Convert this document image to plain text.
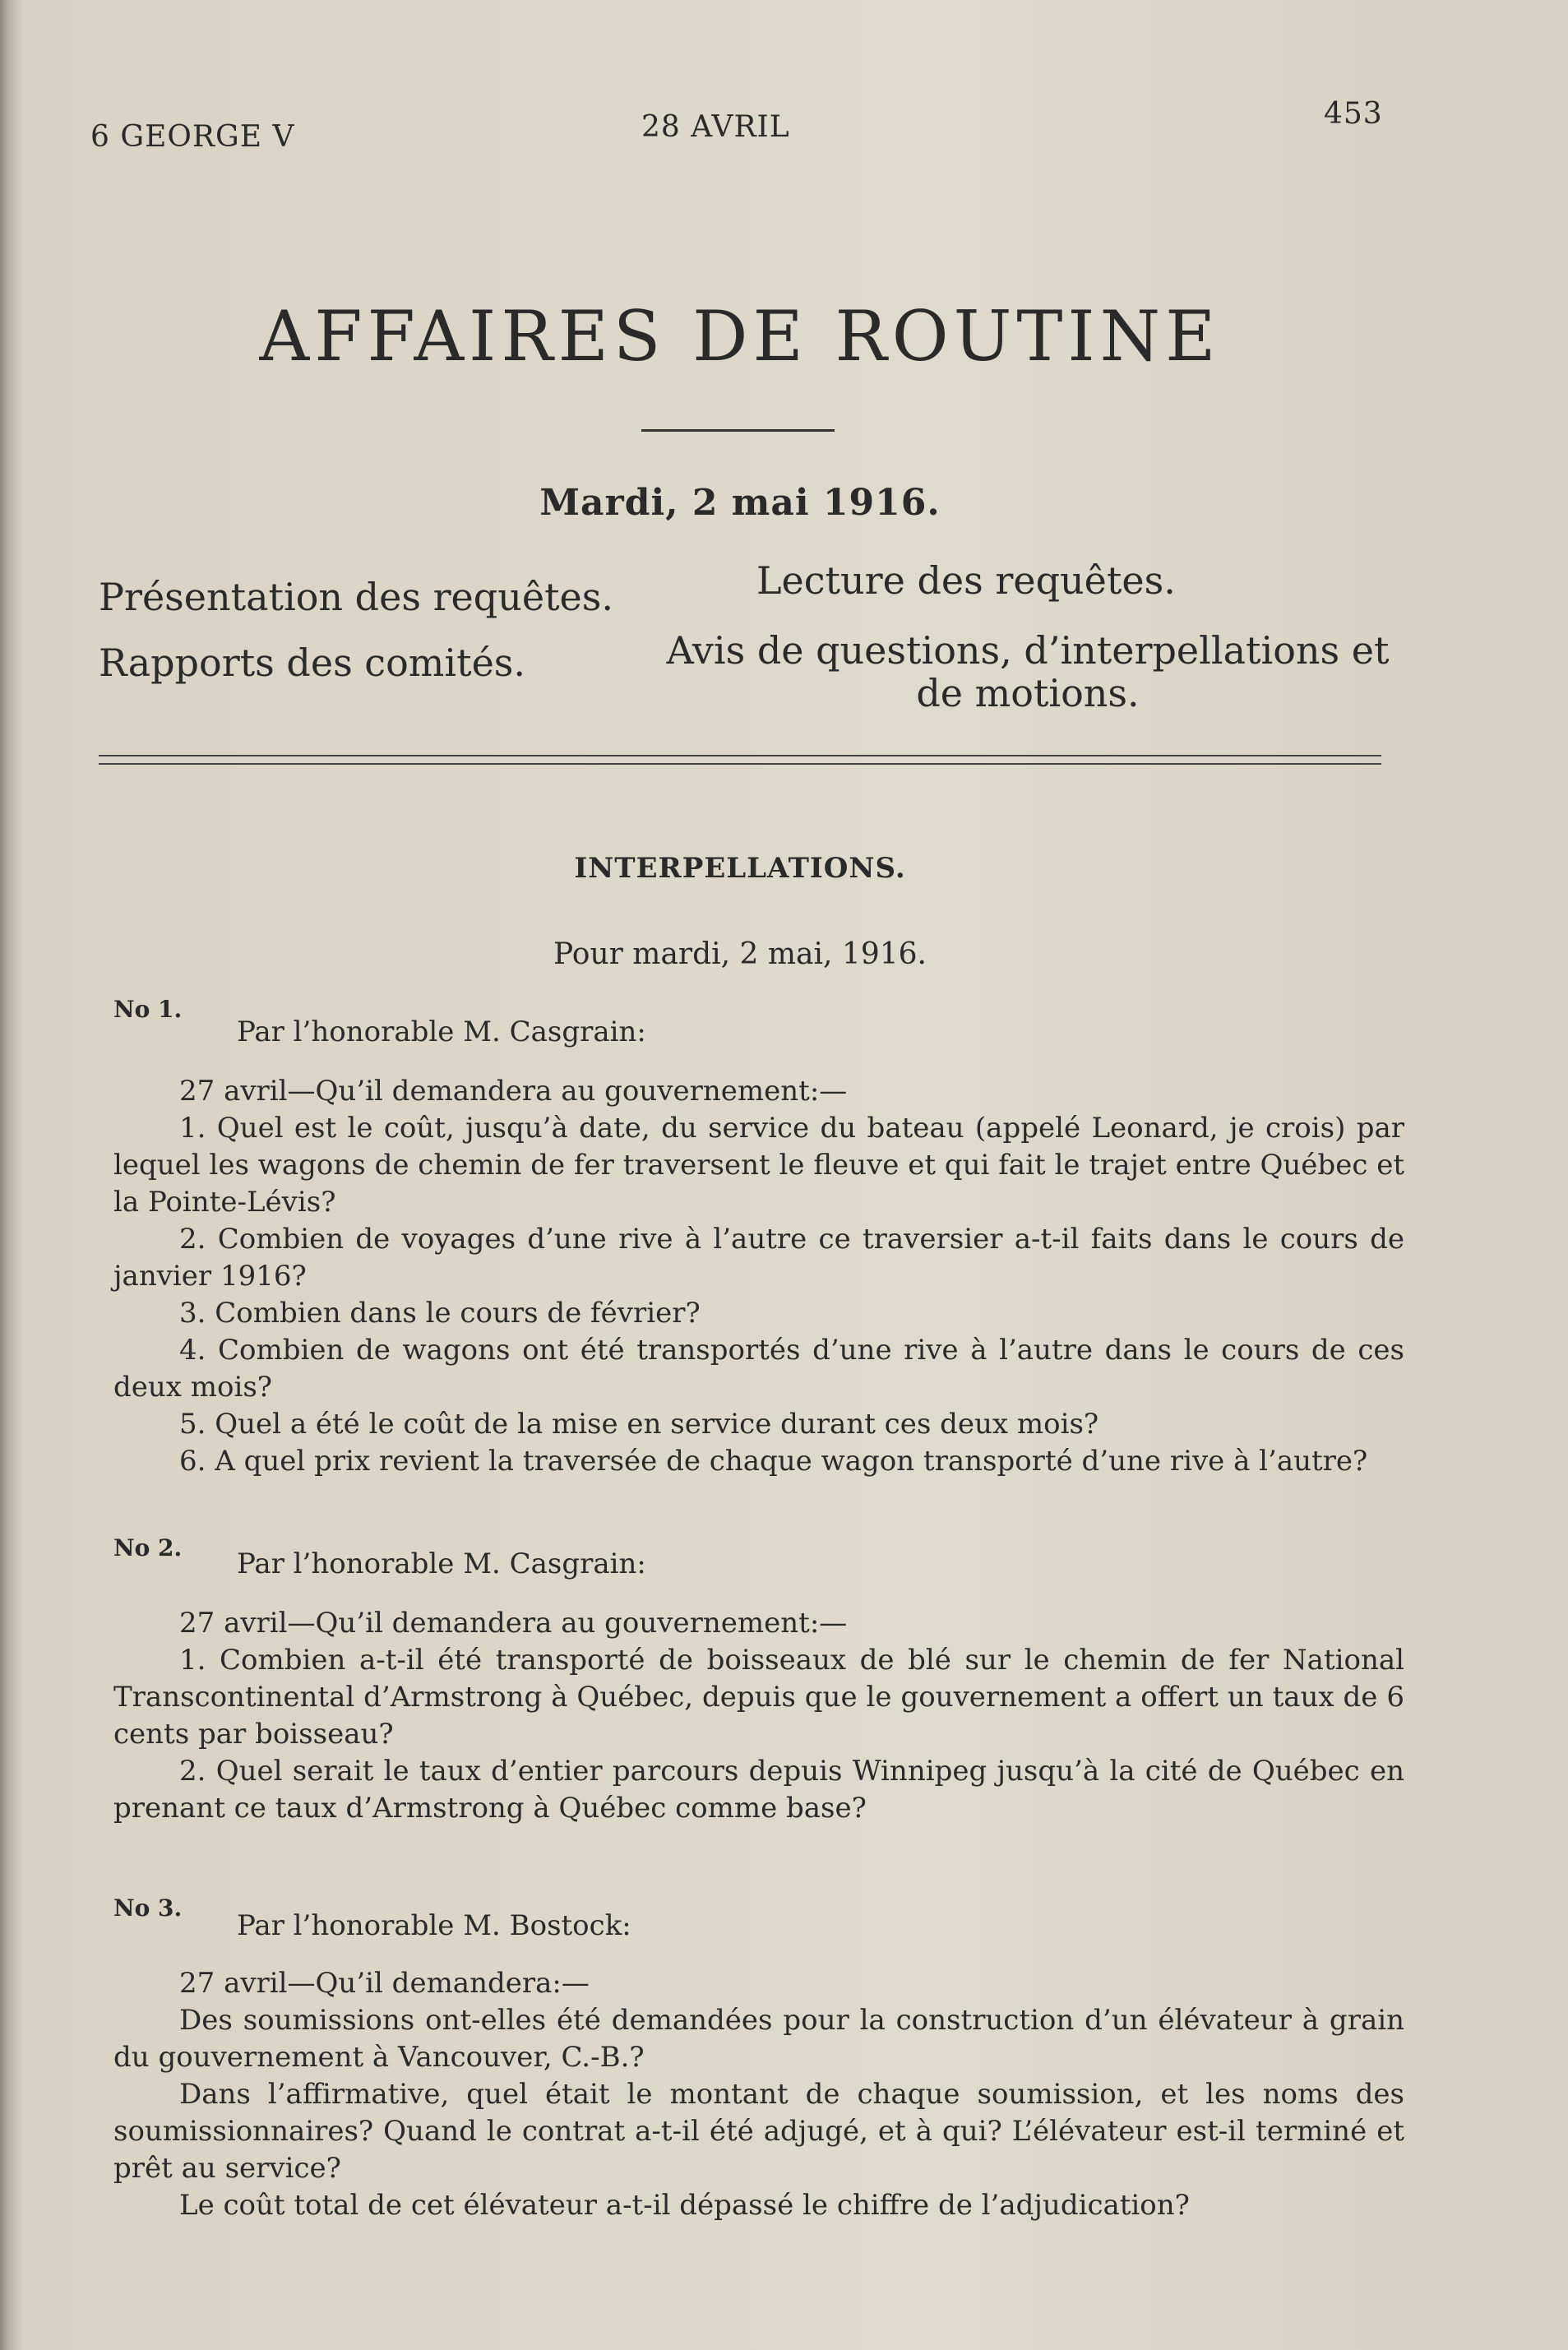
6 GEORGE V	28 AVRIL	453
AFFAIRES DE ROUTINE
Mardi, 2 mai 1916.
Présentation des requêtes.	Lecture des requêtes.
Rapports des comités.	Avis de questions, d’interpellations et de motions.
INTERPELLATIONS.
Pour mardi, 2 mai, 1916.
No 1.
Par l’honorable M. Casgrain:

27 avril—Qu’il demandera au gouvernement:—

1. Quel est le coût, jusqu’à date, du service du bateau (appelé Leonard, je crois) par lequel les wagons de chemin de fer traversent le fleuve et qui fait le trajet entre Québec et la Pointe-Lévis?

2. Combien de voyages d’une rive à l’autre ce traversier a-t-il faits dans le cours de janvier 1916?

3. Combien dans le cours de février?

4. Combien de wagons ont été transportés d’une rive à l’autre dans le cours de ces deux mois?

5. Quel a été le coût de la mise en service durant ces deux mois?

6. A quel prix revient la traversée de chaque wagon transporté d’une rive à l’autre?

No 2. Par l’honorable M. Casgrain:

27 avril—Qu’il demandera au gouvernement:—

1. Combien a-t-il été transporté de boisseaux de blé sur le chemin de fer National Transcontinental d’Armstrong à Québec, depuis que le gouvernement a offert un taux de 6 cents par boisseau?

2. Quel serait le taux d’entier parcours depuis Winnipeg jusqu’à la cité de Québec en prenant ce taux d’Armstrong à Québec comme base?

No 3.
Par l’honorable M. Bostock:

27 avril—Qu’il demandera:—

Des soumissions ont-elles été demandées pour la construction d’un élévateur à grain du gouvernement à Vancouver, C.-B.?

Dans l’affirmative, quel était le montant de chaque soumission, et les noms des soumissionnaires? Quand le contrat a-t-il été adjugé, et à qui? L’élévateur est-il terminé et prêt au service?

Le coût total de cet élévateur a-t-il dépassé le chiffre de l’adjudication?
